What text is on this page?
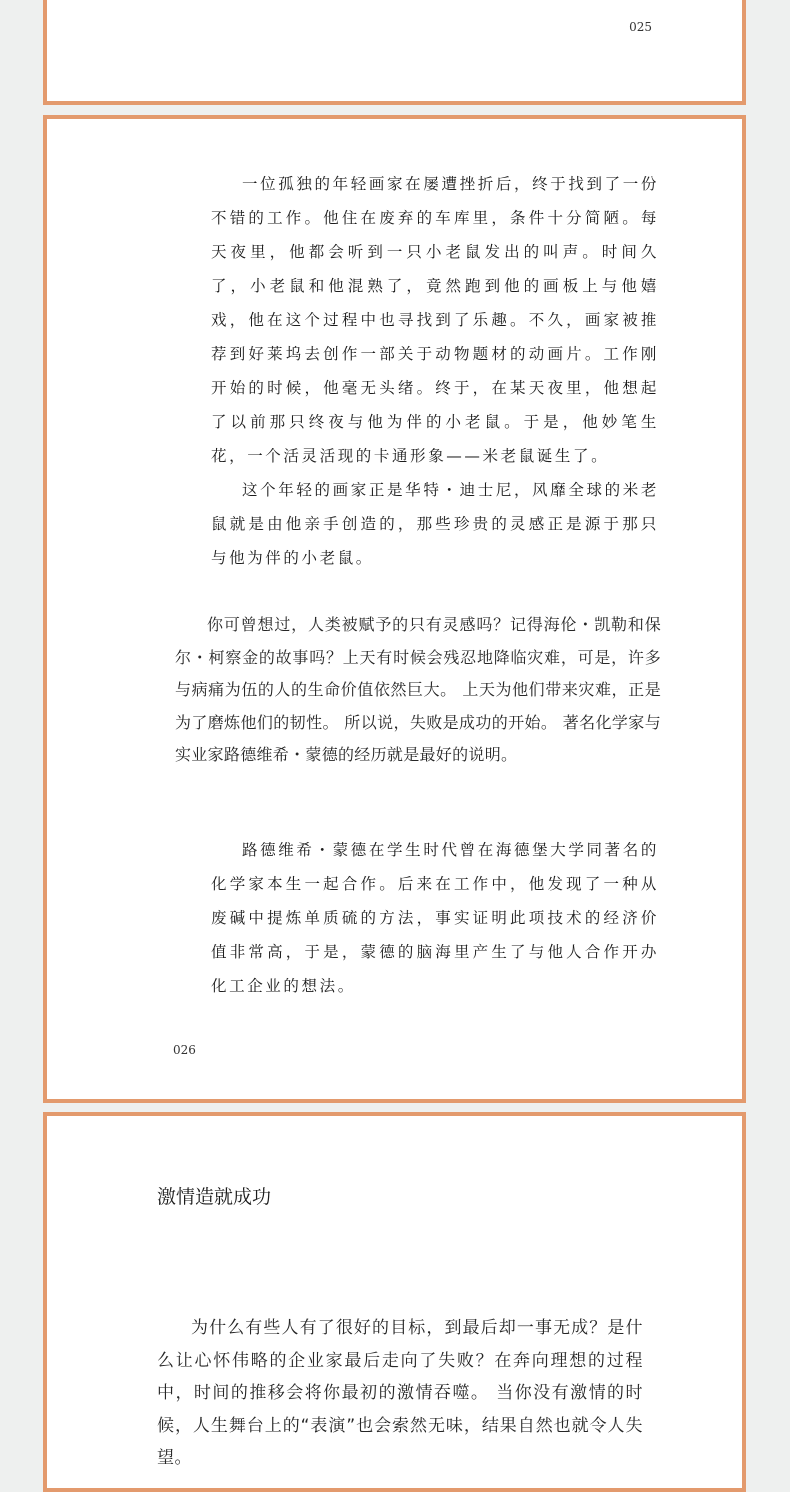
025

一位孤独的年轻画家在屡遭挫折后，终于找到了一份不错的工作。他住在废弃的车库里，条件十分简陋。每天夜里，他都会听到一只小老鼠发出的叫声。时间久了，小老鼠和他混熟了，竟然跑到他的画板上与他嬉戏，他在这个过程中也寻找到了乐趣。不久，画家被推荐到好莱坞去创作一部关于动物题材的动画片。工作刚开始的时候，他毫无头绪。终于，在某天夜里，他想起了以前那只终夜与他为伴的小老鼠。于是，他妙笔生花，一个活灵活现的卡通形象——米老鼠诞生了。

这个年轻的画家正是华特・迪士尼，风靡全球的米老鼠就是由他亲手创造的，那些珍贵的灵感正是源于那只与他为伴的小老鼠。

你可曾想过，人类被赋予的只有灵感吗？记得海伦・凯勒和保尔・柯察金的故事吗？上天有时候会残忍地降临灾难，可是，许多与病痛为伍的人的生命价值依然巨大。 上天为他们带来灾难，正是为了磨炼他们的韧性。 所以说，失败是成功的开始。 著名化学家与实业家路德维希・蒙德的经历就是最好的说明。

路德维希・蒙德在学生时代曾在海德堡大学同著名的化学家本生一起合作。后来在工作中，他发现了一种从废碱中提炼单质硫的方法，事实证明此项技术的经济价值非常高，于是，蒙德的脑海里产生了与他人合作开办化工企业的想法。

026
激情造就成功

为什么有些人有了很好的目标，到最后却一事无成？是什么让心怀伟略的企业家最后走向了失败？在奔向理想的过程中，时间的推移会将你最初的激情吞噬。 当你没有激情的时候，人生舞台上的“表演”也会索然无味，结果自然也就令人失望。
